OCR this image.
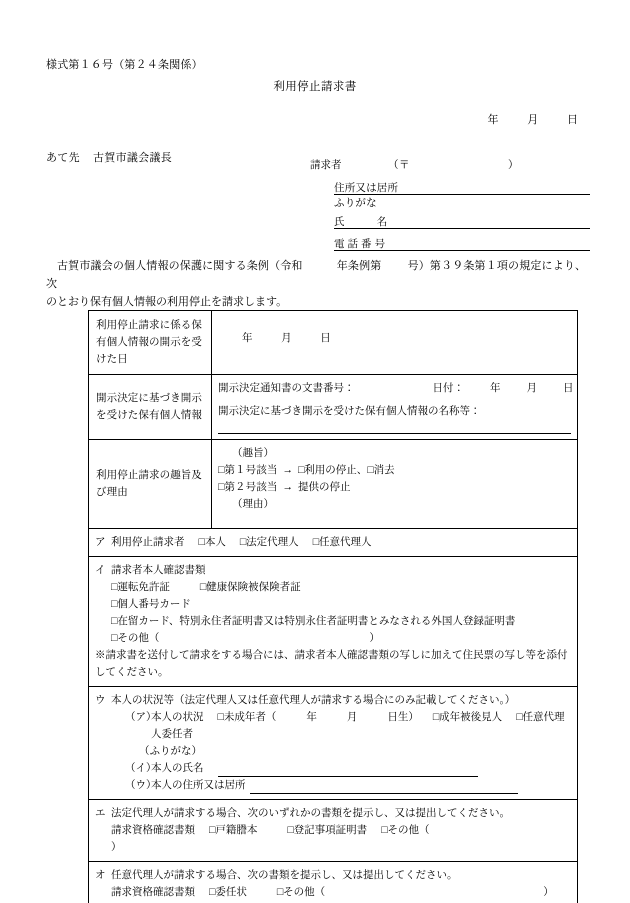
様式第１６号（第２４条関係）
利用停止請求書
年	月	日
あて先 古賀市議会議長
請求者	（〒	）
住所又は居所
ふりがな
氏　　　名
電 話 番 号
古賀市議会の個人情報の保護に関する条例（令和	年条例第 号）第３９条第１項の規定により、次
のとおり保有個人情報の利用停止を請求します。
利用停止請求に係る保有個人情報の開示を受けた日	年 月 日

開示決定に基づき開示を受けた保有個人情報	
開示決定通知書の文書番号：	日付： 年 月 日
開示決定に基づき開示を受けた保有個人情報の名称等：

利用停止請求の趣旨及び理由	（趣旨）
□第１号該当 → □利用の停止、□消去
□第２号該当 → 提供の停止
（理由）
ア 利用停止請求者 □本人 □法定代理人 □任意代理人

イ 請求者本人確認書類
□運転免許証	□健康保険被保険者証
□個人番号カード
□在留カード、特別永住者証明書又は特別永住者証明書とみなされる外国人登録証明書
□その他（	）
※請求書を送付して請求をする場合には、請求者本人確認書類の写しに加えて住民票の写し等を添付
してください。

ウ 本人の状況等（法定代理人又は任意代理人が請求する場合にのみ記載してください。）
（ア）
本人の状況 □未成年者（	年	月	日生） □成年被後見人 □任意代理人委任者
（ふりがな）
（イ）
本人の氏名
（ウ）
本人の住所又は居所

エ 法定代理人が請求する場合、次のいずれかの書類を提示し、又は提出してください。
請求資格確認書類 □戸籍謄本	□登記事項証明書 □その他（）

オ 任意代理人が請求する場合、次の書類を提示し、又は提出してください。
請求資格確認書類 □委任状	□その他（	）
